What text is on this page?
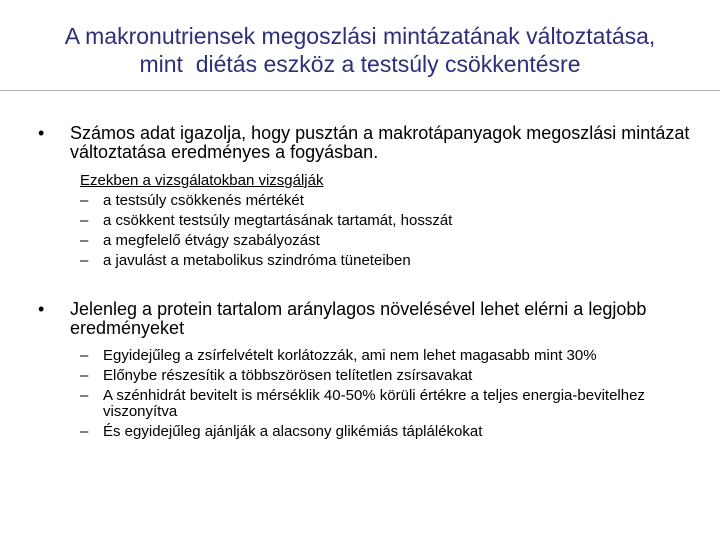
A makronutriensek megoszlási mintázatának változtatása,
mint  diétás eszköz a testsúly csökkentésre
• Számos adat igazolja, hogy pusztán a makrotápanyagok megoszlási mintázat változtatása eredményes a fogyásban.
Ezekben a vizsgálatokban vizsgálják
– a testsúly csökkenés mértékét
– a csökkent testsúly megtartásának tartamát, hosszát
– a megfelelő étvágy szabályozást
– a javulást a metabolikus szindróma tüneteiben
• Jelenleg a protein tartalom aránylagos növelésével lehet elérni a legjobb eredményeket
– Egyidejűleg a zsírfelvételt korlátozzák, ami nem lehet magasabb mint 30%
– Előnybe részesítik a többszörösen telítetlen zsírsavakat
– A szénhidrát bevitelt is mérséklik 40-50% körüli értékre a teljes energia-bevitelhez viszonyítva
– És egyidejűleg ajánlják a alacsony glikémiás táplálékokat
